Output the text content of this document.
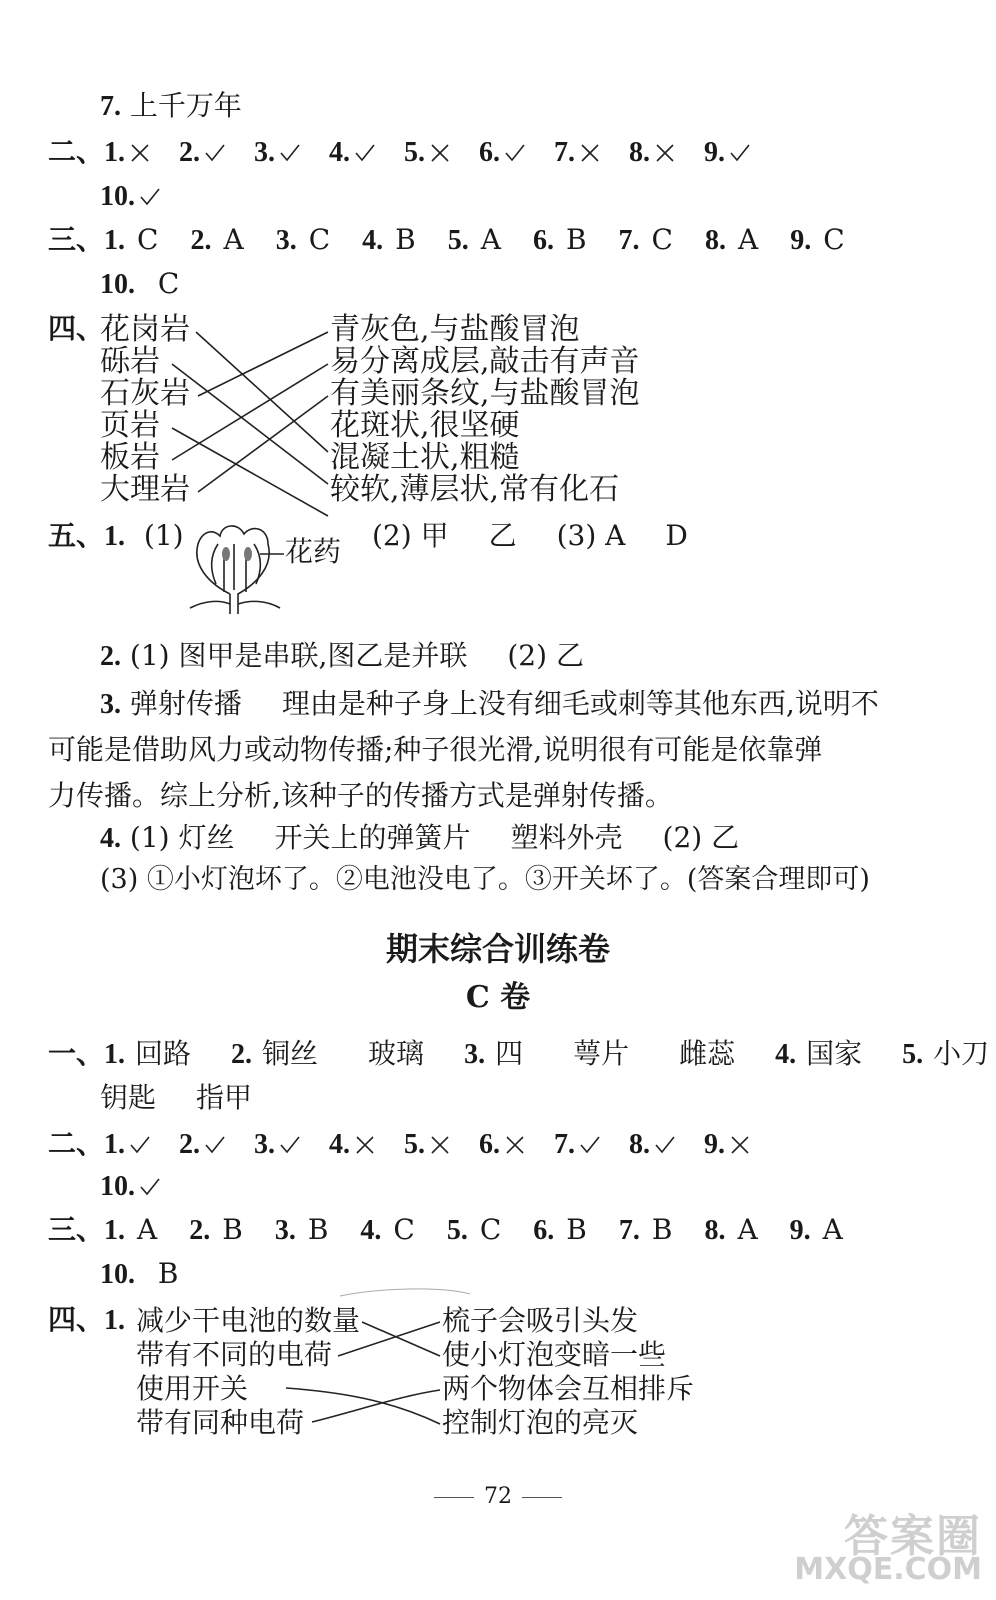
7. 上千万年
二、1. 2. 3. 4. 5. 6. 7. 8. 9.
10.
三、1. C 2. A 3. C 4. B 5. A 6. B 7. C 8. A 9. C
10. C
四、
花岗岩
砾岩
石灰岩
页岩
板岩
大理岩
青灰色,与盐酸冒泡
易分离成层,敲击有声音
有美丽条纹,与盐酸冒泡
花斑状,很坚硬
混凝土状,粗糙
较软,薄层状,常有化石
五、1. (1)	花药 (2) 甲 乙 (3) A D
2. (1) 图甲是串联,图乙是并联 (2) 乙
3. 弹射传播 理由是种子身上没有细毛或刺等其他东西,说明不
可能是借助风力或动物传播;种子很光滑,说明很有可能是依靠弹
力传播。综上分析,该种子的传播方式是弹射传播。
4. (1) 灯丝 开关上的弹簧片 塑料外壳 (2) 乙
(3) ①小灯泡坏了。②电池没电了。③开关坏了。(答案合理即可)
期末综合训练卷
C 卷
一、1. 回路 2. 铜丝 玻璃 3. 四 萼片 雌蕊 4. 国家 5. 小刀
钥匙 指甲
二、1. 2. 3. 4. 5. 6. 7. 8. 9.
10.
三、1. A 2. B 3. B 4. C 5. C 6. B 7. B 8. A 9. A
10. B
四、1. 减少干电池的数量
带有不同的电荷
使用开关
带有同种电荷
梳子会吸引头发
使小灯泡变暗一些
两个物体会互相排斥
控制灯泡的亮灭
72
答案圈
MXQE.COM
